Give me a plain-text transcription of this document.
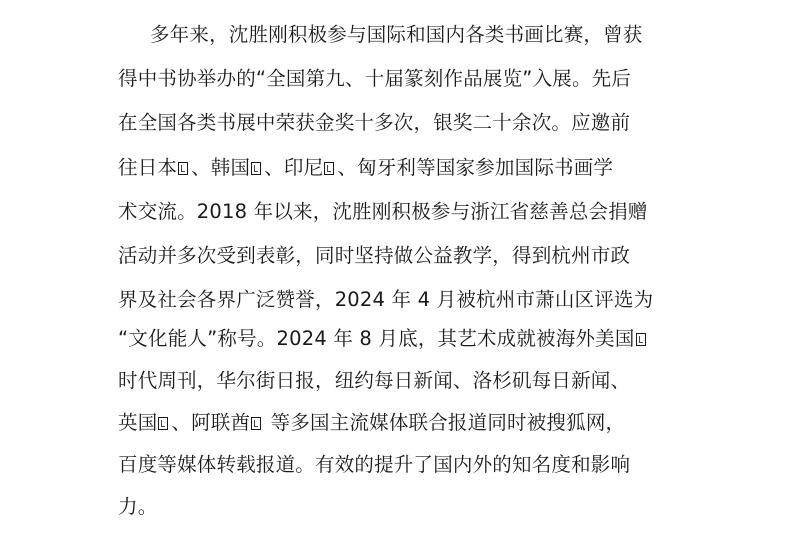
多年来，沈胜刚积极参与国际和国内各类书画比赛，曾获
得中书协举办的“全国第九、十届篆刻作品展览”入展。先后
在全国各类书展中荣获金奖十多次，银奖二十余次。应邀前
往日本 、韩国 、印尼 、匈牙利等国家参加国际书画学
术交流。2018 年以来，沈胜刚积极参与浙江省慈善总会捐赠
活动并多次受到表彰，同时坚持做公益教学，得到杭州市政
界及社会各界广泛赞誉，2024 年 4 月被杭州市萧山区评选为
“文化能人”称号。2024 年 8 月底，其艺术成就被海外美国
时代周刊，华尔街日报，纽约每日新闻、洛杉矶每日新闻、
英国 、阿联酋 等多国主流媒体联合报道同时被搜狐网，
百度等媒体转载报道。有效的提升了国内外的知名度和影响
力。
